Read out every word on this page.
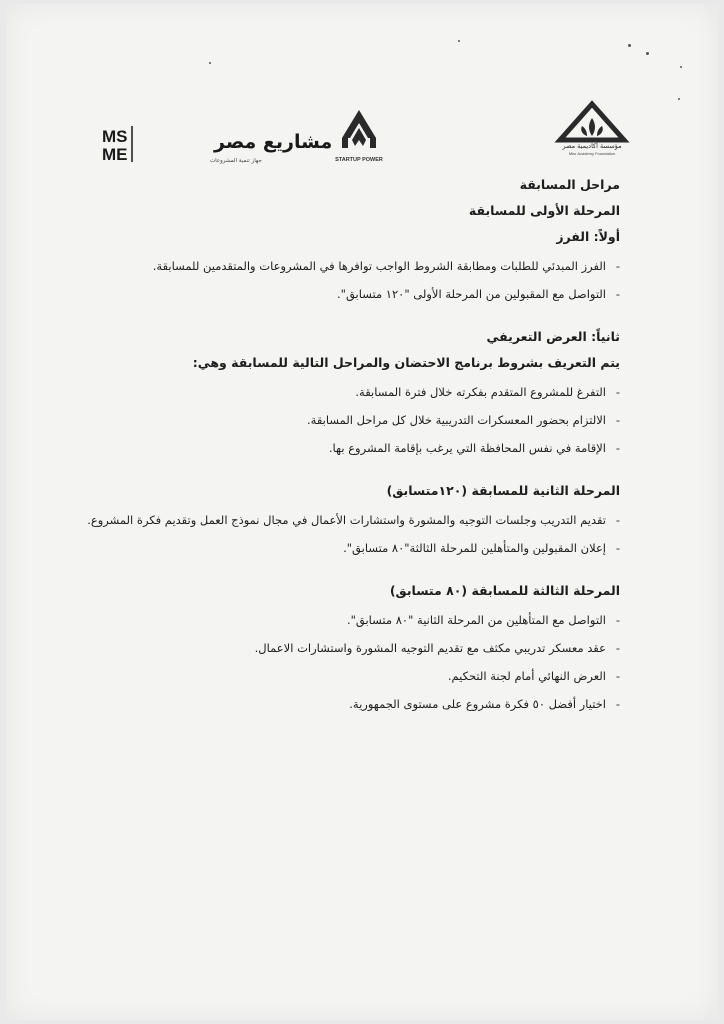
MS
ME
مشاريع مصر
جهاز تنمية المشروعات	STARTUP POWER
مؤسسة أكاديمية مصر
Misr Academy Foundation

مراحل المسابقة

المرحلة الأولى للمسابقة

أولاً: الفرز

- الفرز المبدئي للطلبات ومطابقة الشروط الواجب توافرها في المشروعات والمتقدمين للمسابقة.
- التواصل مع المقبولين من المرحلة الأولى "١٢٠ متسابق".

ثانياً: العرض التعريفي

يتم التعريف بشروط برنامج الاحتضان والمراحل التالية للمسابقة وهي:

- التفرغ للمشروع المتقدم بفكرته خلال فترة المسابقة.
- الالتزام بحضور المعسكرات التدريبية خلال كل مراحل المسابقة.
- الإقامة في نفس المحافظة التي يرغب بإقامة المشروع بها.

المرحلة الثانية للمسابقة (١٢٠متسابق)

- تقديم التدريب وجلسات التوجيه والمشورة واستشارات الأعمال في مجال نموذج العمل وتقديم فكرة المشروع.
- إعلان المقبولين والمتأهلين للمرحلة الثالثة"٨٠ متسابق".

المرحلة الثالثة للمسابقة (٨٠ متسابق)

- التواصل مع المتأهلين من المرحلة الثانية "٨٠ متسابق".
- عقد معسكر تدريبي مكثف مع تقديم التوجيه المشورة واستشارات الاعمال.
- العرض النهائي أمام لجنة التحكيم.
- اختيار أفضل ٥٠ فكرة مشروع على مستوى الجمهورية.
